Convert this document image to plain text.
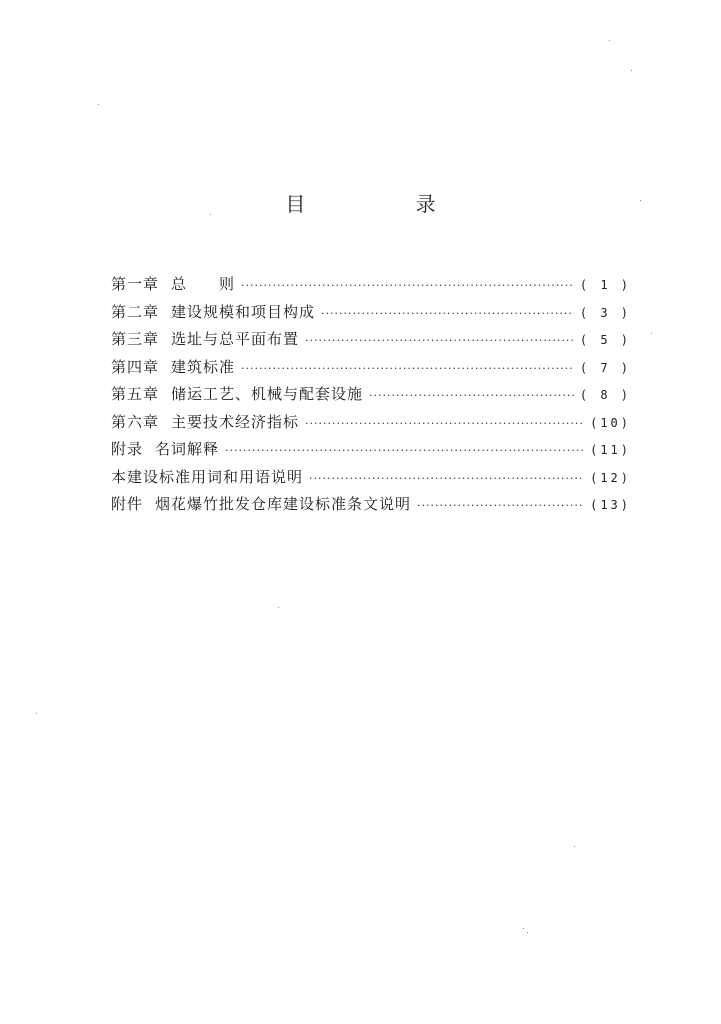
目 录
第一章 总　　则 ·····	( 1 )
第二章 建设规模和项目构成 ·····	( 3 )
第三章 选址与总平面布置 ·····	( 5 )
第四章 建筑标准 ·····	( 7 )
第五章 储运工艺、机械与配套设施 ·····	( 8 )
第六章 主要技术经济指标 ·····	(10)
附录 名词解释 ·····	(11)
本建设标准用词和用语说明 ·····	(12)
附件 烟花爆竹批发仓库建设标准条文说明 ·····	(13)
